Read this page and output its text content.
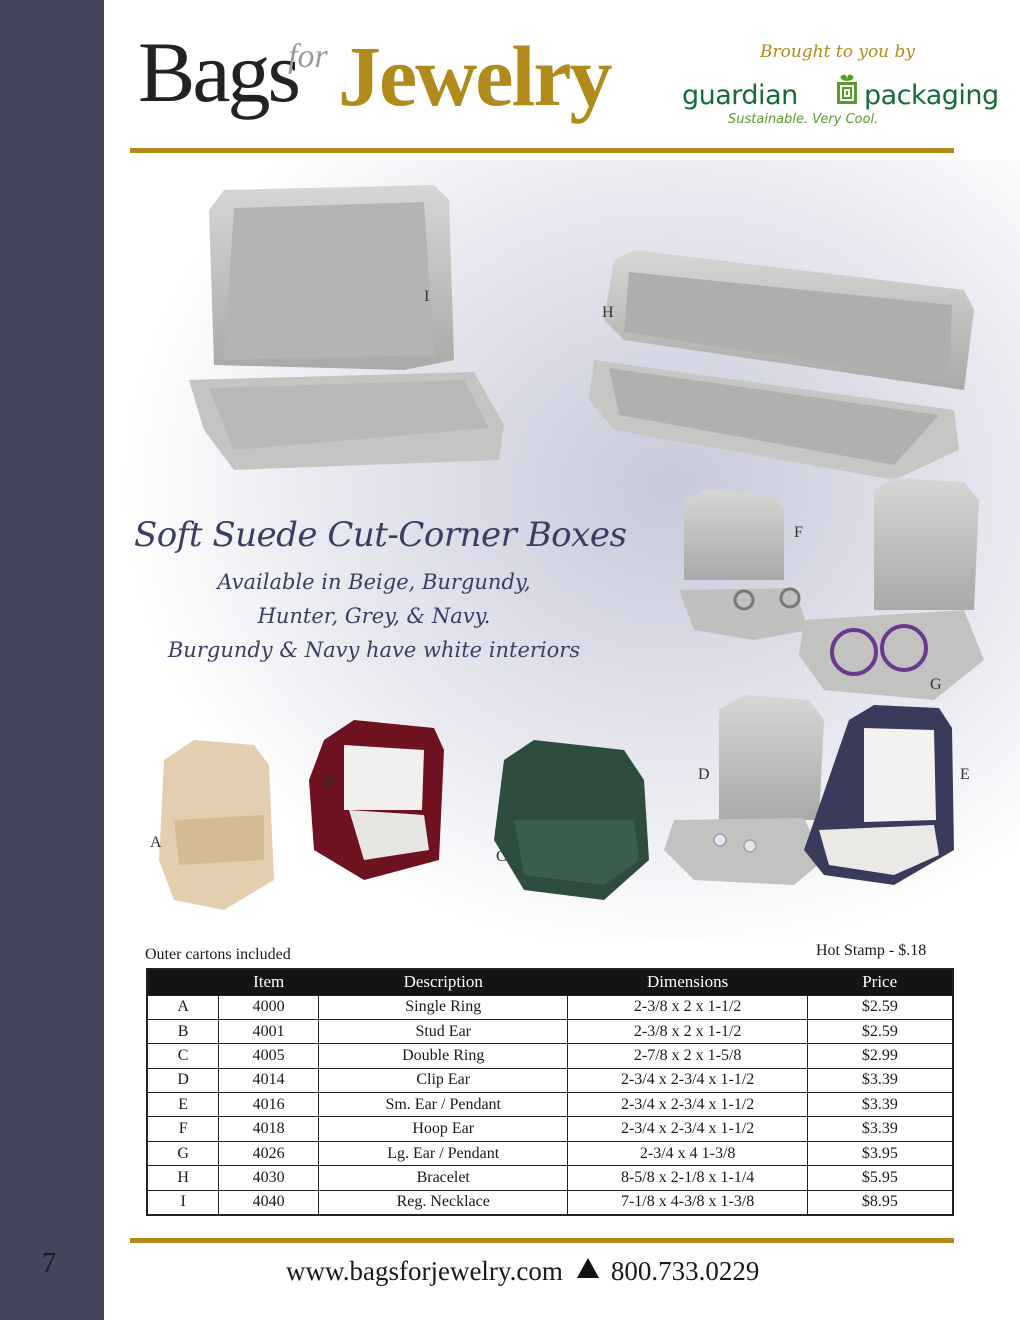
7
Bags
for Jewelry	Brought to you by
guardian packaging
Sustainable. Very Cool.
I
H
F
G
B
A
C
D	E
Soft Suede Cut-Corner Boxes
Available in Beige, Burgundy,
Hunter, Grey, & Navy.
Burgundy & Navy have white interiors
Outer cartons included	Hot Stamp - $.18
	Item	Description	Dimensions	Price
A	4000	Single Ring	2-3/8 x 2 x 1-1/2	$2.59
B	4001	Stud Ear	2-3/8 x 2 x 1-1/2	$2.59
C	4005	Double Ring	2-7/8 x 2 x 1-5/8	$2.99
D	4014	Clip Ear	2-3/4 x 2-3/4 x 1-1/2	$3.39
E	4016	Sm. Ear / Pendant	2-3/4 x 2-3/4 x 1-1/2	$3.39
F	4018	Hoop Ear	2-3/4 x 2-3/4 x 1-1/2	$3.39
G	4026	Lg. Ear / Pendant	2-3/4 x 4 1-3/8	$3.95
H	4030	Bracelet	8-5/8 x 2-1/8 x 1-1/4	$5.95
I	4040	Reg. Necklace	7-1/8 x 4-3/8 x 1-3/8	$8.95
www.bagsforjewelry.com 800.733.0229
